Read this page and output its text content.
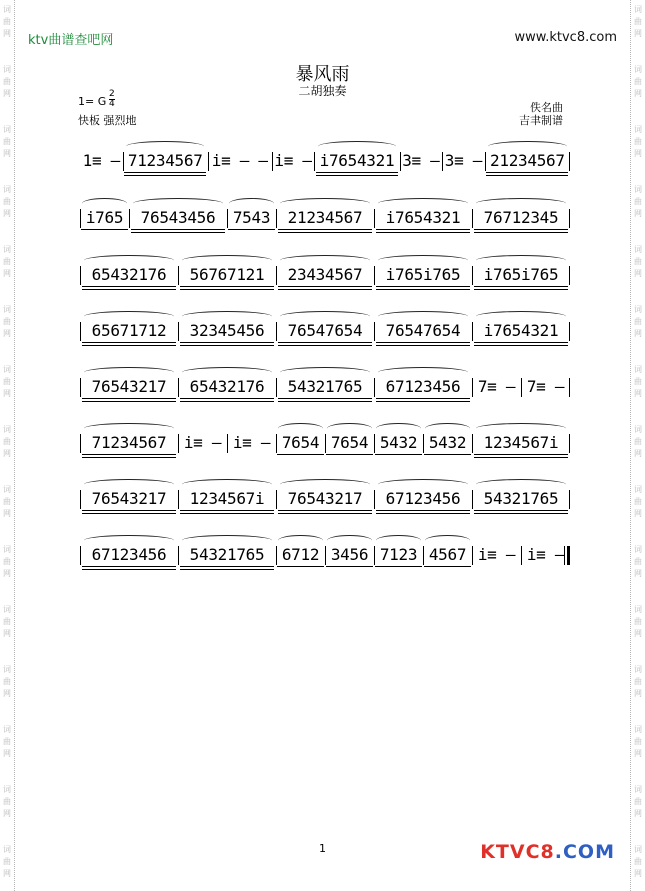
词
曲
网
词
曲
网
词
曲
网
词
曲
网
词
曲
网
词
曲
网
词
曲
网
词
曲
网
词
曲
网
词
曲
网
词
曲
网
词
曲
网
词
曲
网
词
曲
网
词
曲
网
词
曲
网
词
曲
网
词
曲
网
词
曲
网
词
曲
网
词
曲
网
词
曲
网
词
曲
网
词
曲
网
词
曲
网
词
曲
网
词
曲
网
词
曲
网
词
曲
网
词
曲
网
ktv曲谱查吧网	www.ktvc8.com
暴风雨
二胡独奏
1= G
2
4
快板 强烈地
佚名曲
吉聿制谱
1≡ — 71234567 i≡ — — i≡ — i7654321 3≡ — 3≡ — 21234567
i765	76543456	7543	21234567	i7654321	76712345
65432176	56767121	23434567	i765i765	i765i765
65671712	32345456	76547654	76547654	i7654321
76543217	65432176	54321765	67123456	7≡ — 7≡ —
71234567	i≡ — i≡ — 7654 7654 5432 5432	1234567i
76543217	1234567i	76543217	67123456	54321765
67123456	54321765	6712 3456 7123 4567 i≡ — i≡ —
1	KTVC8.COM
